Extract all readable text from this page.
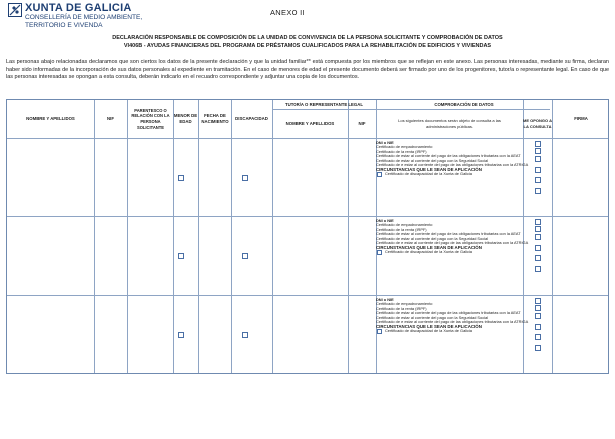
XUNTA DE GALICIA
CONSELLERÍA DE MEDIO AMBIENTE,
TERRITORIO E VIVENDA
ANEXO II
DECLARACIÓN RESPONSABLE DE COMPOSICIÓN DE LA UNIDAD DE CONVIVENCIA DE LA PERSONA SOLICITANTE Y COMPROBACIÓN DE DATOS
VI406B - AYUDAS FINANCIERAS DEL PROGRAMA DE PRÉSTAMOS CUALIFICADOS PARA LA REHABILITACIÓN DE EDIFICIOS Y VIVIENDAS
Las personas abajo relacionadas declaramos que son ciertos los datos de la presente declaración y que la unidad familiar** está compuesta por los miembros que se reflejan en este anexo. Las personas interesadas, mediante su firma, declaran haber sido informadas de la incorporación de sus datos personales al expediente en tramitación. En el caso de menores de edad el presente documento deberá ser firmado por uno de los progenitores, tutor/a o representante legal. En caso de que las personas interesadas se opongan a esta consulta, deberán indicarlo en el recuadro correspondiente y adjuntar una copia de los documentos.
NOMBRE Y APELLIDOS	NIF
PARENTESCO O RELACIÓN CON LA PERSONA SOLICITANTE
MENOR DE EDAD
FECHA DE NACIMIENTO
DISCAPACIDAD
TUTOR/A O REPRESENTANTE LEGAL
NOMBRE Y APELLIDOS	NIF
COMPROBACIÓN DE DATOS
Los siguientes documentos serán objeto de consulta a las administraciones públicas.
ME OPONGO A LA CONSULTA
FIRMA
DNI o NIE
Certificado de empadronamiento
Certificado de la renta (IRPF)
Certificado de estar al corriente del pago de las obligaciones tributarias con la AEAT
Certificado de estar al corriente del pago con la Seguridad Social
Certificado de e estar al corriente del pago de las obligaciones tributarias con la ATRIGA
CIRCUNSTANCIAS QUE LE SEAN DE APLICACIÓN
Certificado de discapacidad de la Xunta de Galicia
DNI o NIE
Certificado de empadronamiento
Certificado de la renta (IRPF)
Certificado de estar al corriente del pago de las obligaciones tributarias con la AEAT
Certificado de estar al corriente del pago con la Seguridad Social
Certificado de e estar al corriente del pago de las obligaciones tributarias con la ATRIGA
CIRCUNSTANCIAS QUE LE SEAN DE APLICACIÓN
Certificado de discapacidad de la Xunta de Galicia
DNI o NIE
Certificado de empadronamiento
Certificado de la renta (IRPF)
Certificado de estar al corriente del pago de las obligaciones tributarias con la AEAT
Certificado de estar al corriente del pago con la Seguridad Social
Certificado de e estar al corriente del pago de las obligaciones tributarias con la ATRIGA
CIRCUNSTANCIAS QUE LE SEAN DE APLICACIÓN
Certificado de discapacidad de la Xunta de Galicia
